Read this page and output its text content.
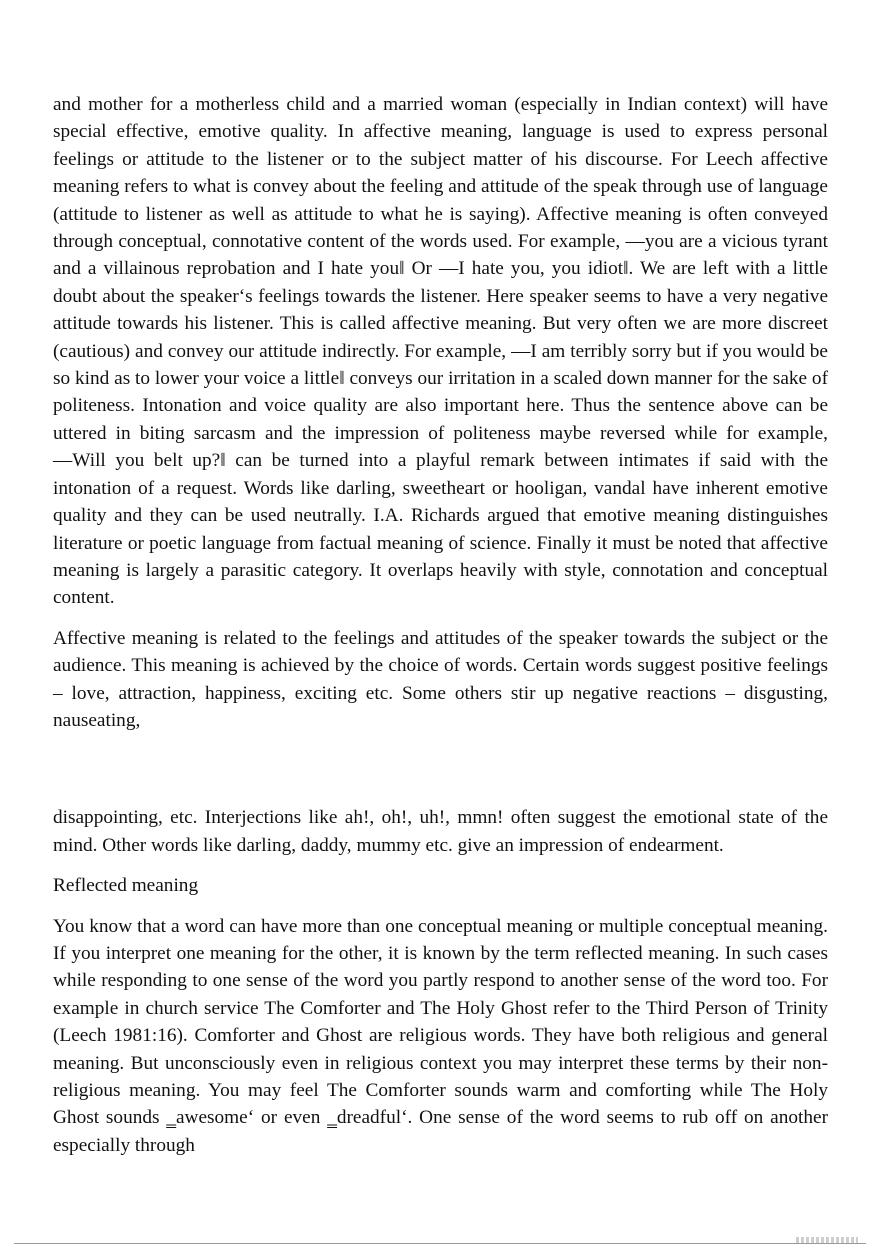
and mother for a motherless child and a married woman (especially in Indian context) will have special effective, emotive quality. In affective meaning, language is used to express personal feelings or attitude to the listener or to the subject matter of his discourse. For Leech affective meaning refers to what is convey about the feeling and attitude of the speak through use of language (attitude to listener as well as attitude to what he is saying). Affective meaning is often conveyed through conceptual, connotative content of the words used. For example, ―you are a vicious tyrant and a villainous reprobation and I hate you‖ Or ―I hate you, you idiot‖. We are left with a little doubt about the speaker‘s feelings towards the listener. Here speaker seems to have a very negative attitude towards his listener. This is called affective meaning. But very often we are more discreet (cautious) and convey our attitude indirectly. For example, ―I am terribly sorry but if you would be so kind as to lower your voice a little‖ conveys our irritation in a scaled down manner for the sake of politeness. Intonation and voice quality are also important here. Thus the sentence above can be uttered in biting sarcasm and the impression of politeness maybe reversed while for example, ―Will you belt up?‖ can be turned into a playful remark between intimates if said with the intonation of a request. Words like darling, sweetheart or hooligan, vandal have inherent emotive quality and they can be used neutrally. I.A. Richards argued that emotive meaning distinguishes literature or poetic language from factual meaning of science. Finally it must be noted that affective meaning is largely a parasitic category. It overlaps heavily with style, connotation and conceptual content.

Affective meaning is related to the feelings and attitudes of the speaker towards the subject or the audience. This meaning is achieved by the choice of words. Certain words suggest positive feelings – love, attraction, happiness, exciting etc. Some others stir up negative reactions – disgusting, nauseating,

disappointing, etc. Interjections like ah!, oh!, uh!, mmn! often suggest the emotional state of the mind. Other words like darling, daddy, mummy etc. give an impression of endearment.

Reflected meaning

You know that a word can have more than one conceptual meaning or multiple conceptual meaning. If you interpret one meaning for the other, it is known by the term reflected meaning. In such cases while responding to one sense of the word you partly respond to another sense of the word too. For example in church service The Comforter and The Holy Ghost refer to the Third Person of Trinity (Leech 1981:16). Comforter and Ghost are religious words. They have both religious and general meaning. But unconsciously even in religious context you may interpret these terms by their non-religious meaning. You may feel The Comforter sounds warm and comforting while The Holy Ghost sounds ‗awesome‘ or even ‗dreadful‘. One sense of the word seems to rub off on another especially through
